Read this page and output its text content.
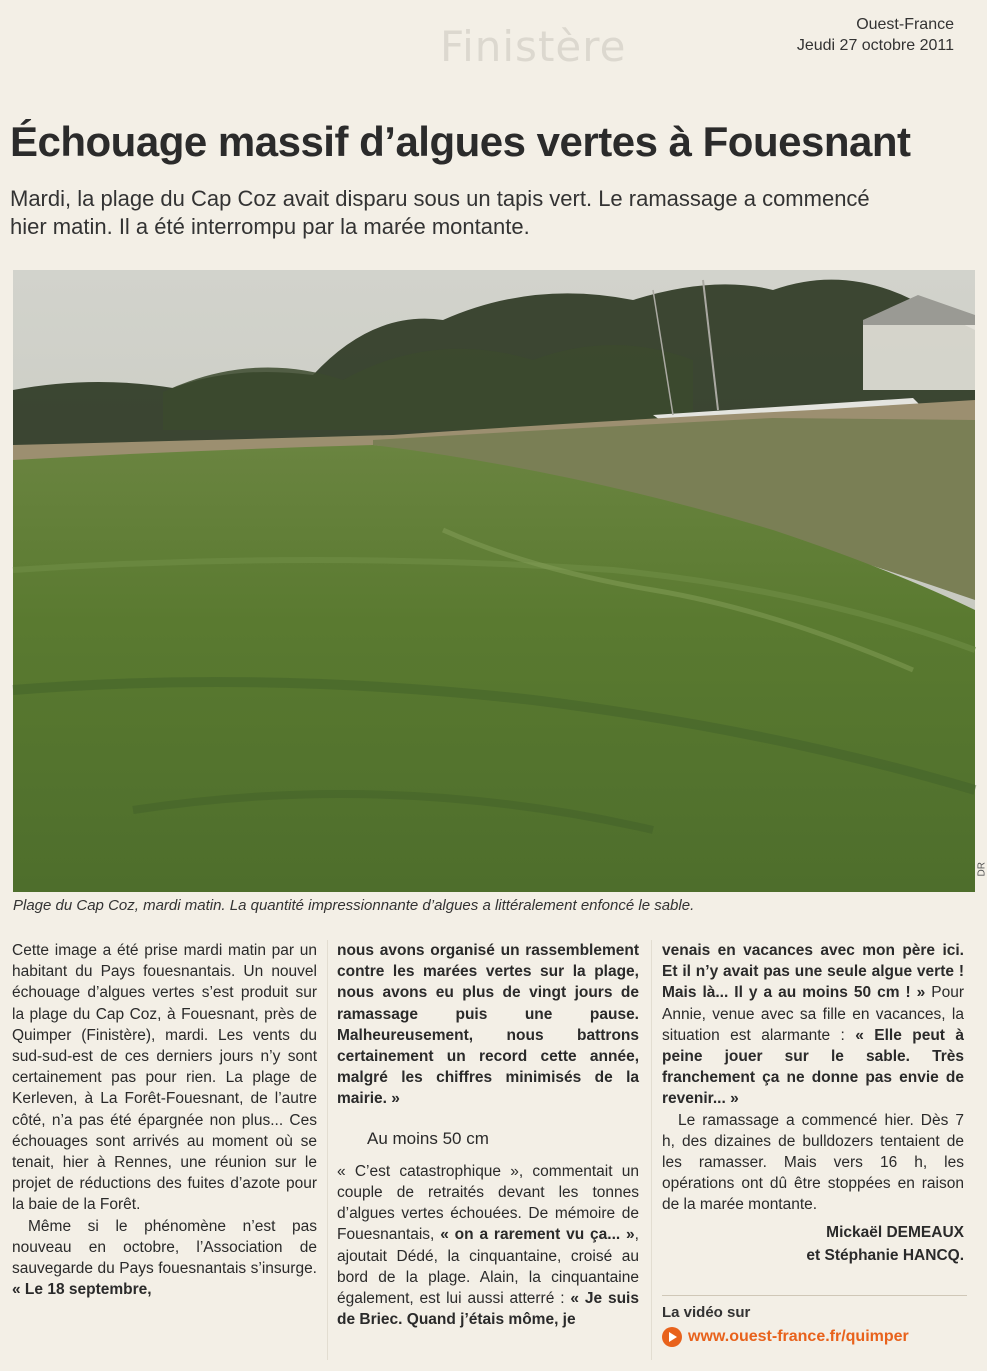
Finistère	Ouest-France
Jeudi 27 octobre 2011
Échouage massif d’algues vertes à Fouesnant

Mardi, la plage du Cap Coz avait disparu sous un tapis vert. Le ramassage a commencé hier matin. Il a été interrompu par la marée montante.

DR
Plage du Cap Coz, mardi matin. La quantité impressionnante d’algues a littéralement enfoncé le sable.

Cette image a été prise mardi matin par un habitant du Pays fouesnantais. Un nouvel échouage d’algues vertes s’est produit sur la plage du Cap Coz, à Fouesnant, près de Quimper (Finistère), mardi. Les vents du sud-sud-est de ces derniers jours n’y sont certainement pas pour rien. La plage de Kerleven, à La Forêt-Fouesnant, de l’autre côté, n’a pas été épargnée non plus... Ces échouages sont arrivés au moment où se tenait, hier à Rennes, une réunion sur le projet de réductions des fuites d’azote pour la baie de la Forêt.

Même si le phénomène n’est pas nouveau en octobre, l’Association de sauvegarde du Pays fouesnantais s’insurge. « Le 18 septembre,

nous avons organisé un rassemblement contre les marées vertes sur la plage, nous avons eu plus de vingt jours de ramassage puis une pause. Malheureusement, nous battrons certainement un record cette année, malgré les chiffres minimisés de la mairie. »

Au moins 50 cm

« C’est catastrophique », commentait un couple de retraités devant les tonnes d’algues vertes échouées. De mémoire de Fouesnantais, « on a rarement vu ça... », ajoutait Dédé, la cinquantaine, croisé au bord de la plage. Alain, la cinquantaine également, est lui aussi atterré : « Je suis de Briec. Quand j’étais môme, je

venais en vacances avec mon père ici. Et il n’y avait pas une seule algue verte ! Mais là... Il y a au moins 50 cm ! » Pour Annie, venue avec sa fille en vacances, la situation est alarmante : « Elle peut à peine jouer sur le sable. Très franchement ça ne donne pas envie de revenir... »

Le ramassage a commencé hier. Dès 7 h, des dizaines de bulldozers tentaient de les ramasser. Mais vers 16 h, les opérations ont dû être stoppées en raison de la marée montante.

Mickaël DEMEAUX

et Stéphanie HANCQ.

La vidéo sur
www.ouest-france.fr/quimper
